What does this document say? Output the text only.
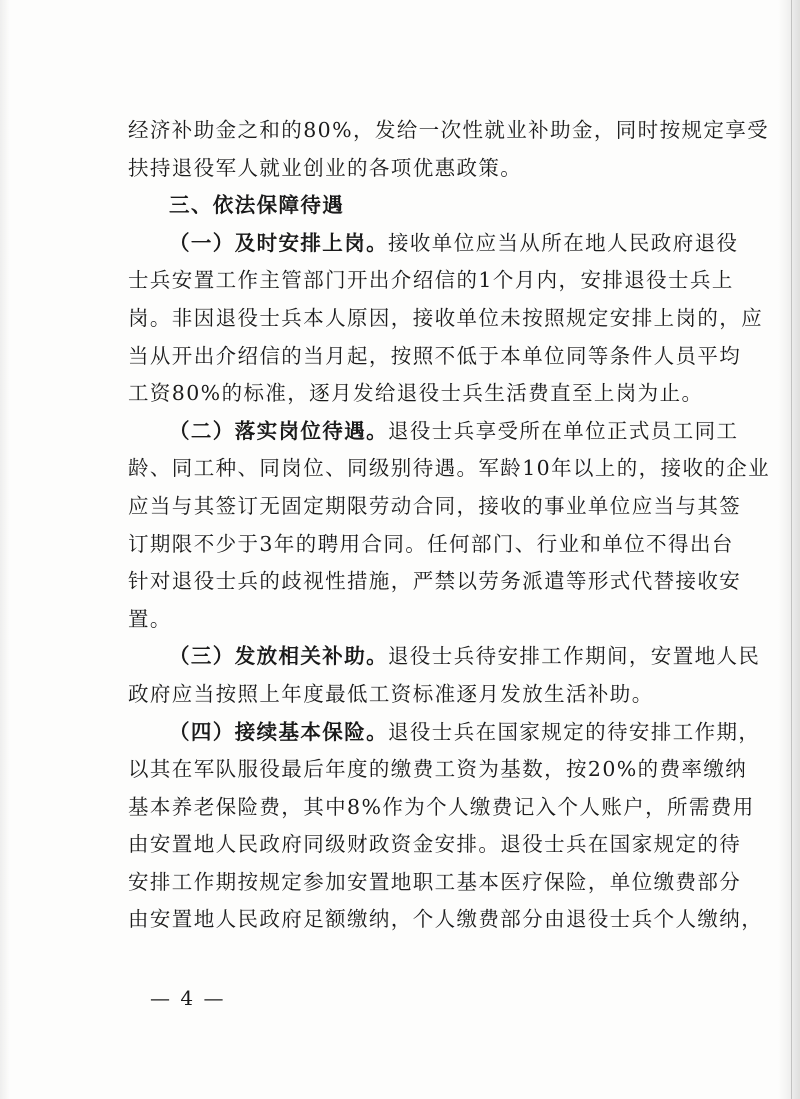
经济补助金之和的80%，发给一次性就业补助金，同时按规定享受
扶持退役军人就业创业的各项优惠政策。
三、依法保障待遇
（一）及时安排上岗。接收单位应当从所在地人民政府退役
士兵安置工作主管部门开出介绍信的1个月内，安排退役士兵上
岗。非因退役士兵本人原因，接收单位未按照规定安排上岗的，应
当从开出介绍信的当月起，按照不低于本单位同等条件人员平均
工资80%的标准，逐月发给退役士兵生活费直至上岗为止。
（二）落实岗位待遇。退役士兵享受所在单位正式员工同工
龄、同工种、同岗位、同级别待遇。军龄10年以上的，接收的企业
应当与其签订无固定期限劳动合同，接收的事业单位应当与其签
订期限不少于3年的聘用合同。任何部门、行业和单位不得出台
针对退役士兵的歧视性措施，严禁以劳务派遣等形式代替接收安
置。
（三）发放相关补助。退役士兵待安排工作期间，安置地人民
政府应当按照上年度最低工资标准逐月发放生活补助。
（四）接续基本保险。退役士兵在国家规定的待安排工作期，
以其在军队服役最后年度的缴费工资为基数，按20%的费率缴纳
基本养老保险费，其中8%作为个人缴费记入个人账户，所需费用
由安置地人民政府同级财政资金安排。退役士兵在国家规定的待
安排工作期按规定参加安置地职工基本医疗保险，单位缴费部分
由安置地人民政府足额缴纳，个人缴费部分由退役士兵个人缴纳，
— 4 —
